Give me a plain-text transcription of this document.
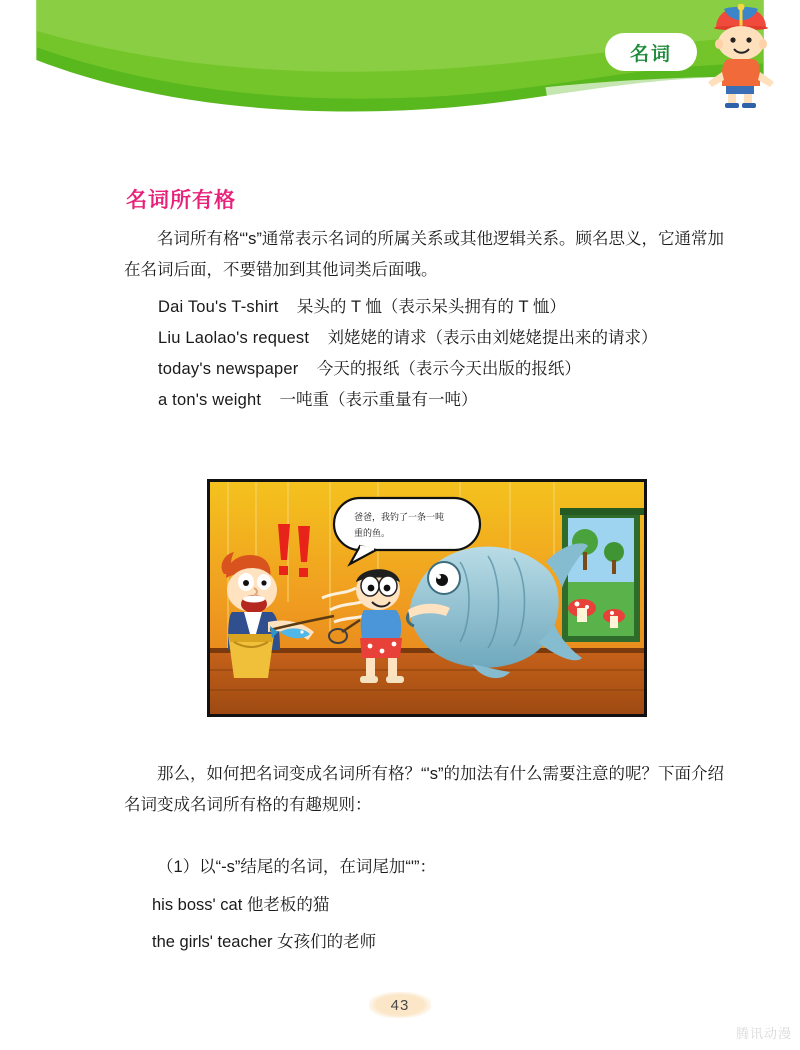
名词
名词所有格
名词所有格“'s”通常表示名词的所属关系或其他逻辑关系。顾名思义，它通常加在名词后面，不要错加到其他词类后面哦。
Dai Tou's T-shirt 呆头的 T 恤（表示呆头拥有的 T 恤）
Liu Laolao's request 刘姥姥的请求（表示由刘姥姥提出来的请求）
today's newspaper 今天的报纸（表示今天出版的报纸）
a ton's weight 一吨重（表示重量有一吨）
爸爸，我钓了一条一吨
重的鱼。
那么，如何把名词变成名词所有格？“'s”的加法有什么需要注意的呢？下面介绍名词变成名词所有格的有趣规则：
（1）以“-s”结尾的名词，在词尾加“'”：
his boss' cat 他老板的猫
the girls' teacher 女孩们的老师
43
腾讯动漫
